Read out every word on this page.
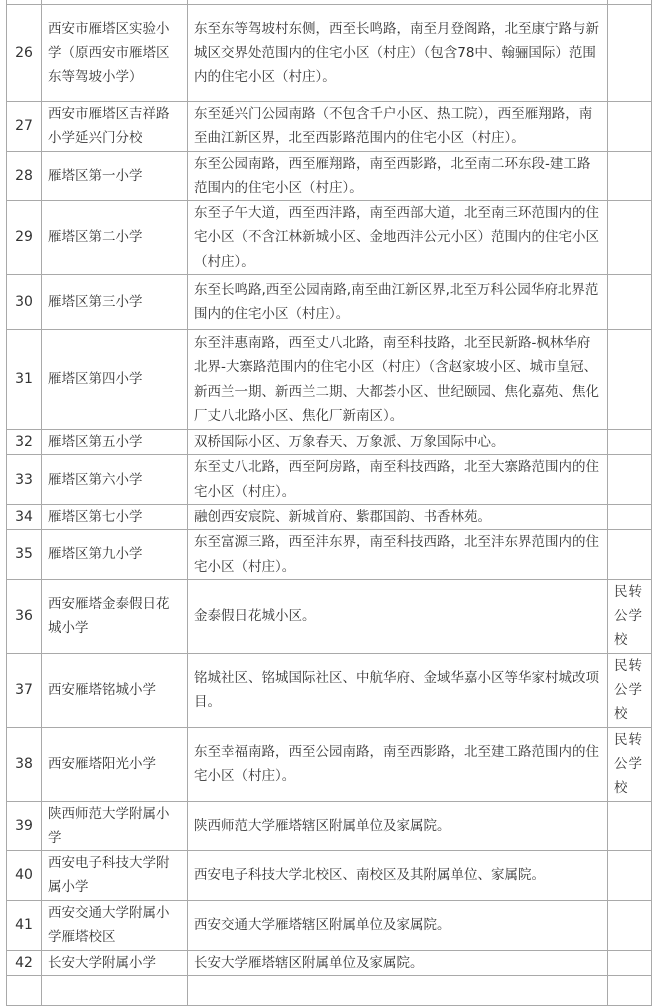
26	西安市雁塔区实验小学（原西安市雁塔区东等驾坡小学）	东至东等驾坡村东侧，西至长鸣路，南至月登阁路，北至康宁路与新城区交界处范围内的住宅小区（村庄）（包含78中、翰骊国际）范围内的住宅小区（村庄）。	
27	西安市雁塔区吉祥路小学延兴门分校	东至延兴门公园南路（不包含千户小区、热工院），西至雁翔路，南至曲江新区界，北至西影路范围内的住宅小区（村庄）。	
28	雁塔区第一小学	东至公园南路，西至雁翔路，南至西影路，北至南二环东段-建工路范围内的住宅小区（村庄）。	
29	雁塔区第二小学	东至子午大道，西至西沣路，南至西部大道，北至南三环范围内的住宅小区（不含江林新城小区、金地西沣公元小区）范围内的住宅小区（村庄）。	
30	雁塔区第三小学	东至长鸣路,西至公园南路,南至曲江新区界,北至万科公园华府北界范围内的住宅小区（村庄）。	
31	雁塔区第四小学	东至沣惠南路，西至丈八北路，南至科技路，北至民新路-枫林华府北界-大寨路范围内的住宅小区（村庄）（含赵家坡小区、城市皇冠、新西兰一期、新西兰二期、大都荟小区、世纪颐园、焦化嘉苑、焦化厂丈八北路小区、焦化厂新南区）。	
32	雁塔区第五小学	双桥国际小区、万象春天、万象派、万象国际中心。	
33	雁塔区第六小学	东至丈八北路，西至阿房路，南至科技西路，北至大寨路范围内的住宅小区（村庄）。	
34	雁塔区第七小学	融创西安宸院、新城首府、紫郡国韵、书香林苑。	
35	雁塔区第九小学	东至富源三路，西至沣东界，南至科技西路，北至沣东界范围内的住宅小区（村庄）。	
36	西安雁塔金泰假日花城小学	金泰假日花城小区。	民转公学校
37	西安雁塔铭城小学	铭城社区、铭城国际社区、中航华府、金域华嘉小区等华家村城改项目。	民转公学校
38	西安雁塔阳光小学	东至幸福南路，西至公园南路，南至西影路，北至建工路范围内的住宅小区（村庄）。	民转公学校
39	陕西师范大学附属小学	陕西师范大学雁塔辖区附属单位及家属院。	
40	西安电子科技大学附属小学	西安电子科技大学北校区、南校区及其附属单位、家属院。	
41	西安交通大学附属小学雁塔校区	西安交通大学雁塔辖区附属单位及家属院。	
42	长安大学附属小学	长安大学雁塔辖区附属单位及家属院。	
